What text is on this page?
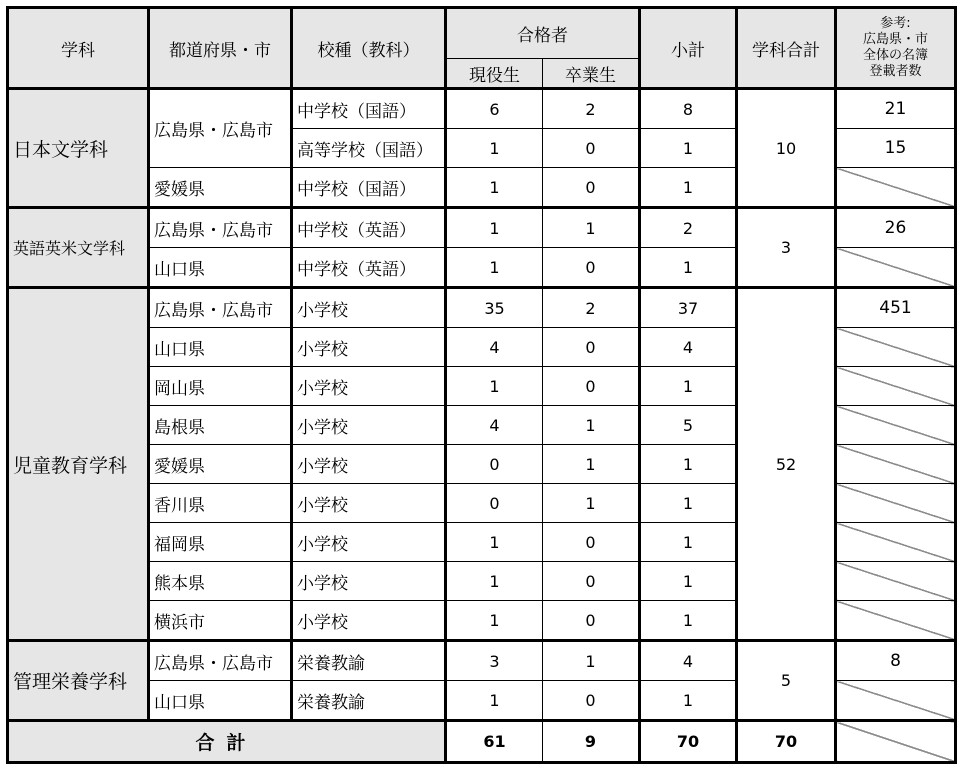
学科	都道府県・市	校種（教科）	合格者		小計	学科合計	参考:
広島県・市
全体の名簿
登載者数

			現役生	卒業生			
日本文学科	広島県・広島市	中学校（国語）	6	2	8	10	21
		高等学校（国語）	1	0	1		15
	愛媛県	中学校（国語）	1	0	1		
英語英米文学科	広島県・広島市	中学校（英語）	1	1	2	3	26
	山口県	中学校（英語）	1	0	1		
児童教育学科	広島県・広島市	小学校	35	2	37	52	451
	山口県	小学校	4	0	4		
	岡山県	小学校	1	0	1		
	島根県	小学校	4	1	5		
	愛媛県	小学校	0	1	1		
	香川県	小学校	0	1	1		
	福岡県	小学校	1	0	1		
	熊本県	小学校	1	0	1		
	横浜市	小学校	1	0	1		
管理栄養学科	広島県・広島市	栄養教諭	3	1	4	5	8
	山口県	栄養教諭	1	0	1		
合計			61	9	70	70	
